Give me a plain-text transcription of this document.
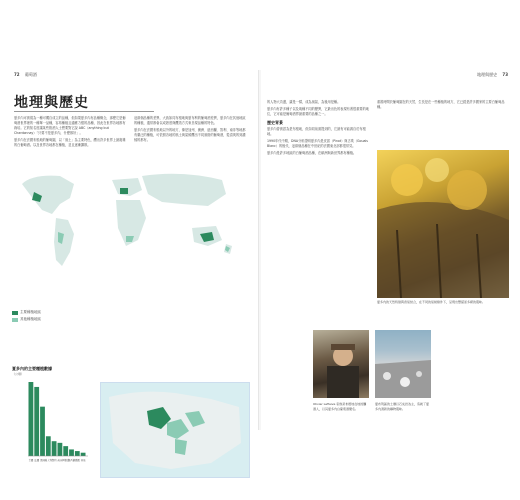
72 葡萄酒
地理與歷史

夏多內可被視為一種可獨自成立的品種，但如果夏多內有品種概念，那麼它是葡萄酒世界裡的一種單一品種，容易種植且適應力強的品種，因此在世界各地都有栽培。它的知名度讓某些飲酒人士想要對它說 ABC（anything but Chardonnay）「只要不是夏多內，什麼都好」。

夏多內在法國布根地的葡萄園，以「風土」為主要特色，釀出許多世界上最複雜的白葡萄酒。以及世界各地都在種植，並且逐漸擴散。

這兩個品種的差異，大致如同布根地與夏布利的葡萄酒差異，夏多內在其他地區的種植，通常都會以成熟度與釀造方式來呈現品種的特色。

夏多內在法國布根地以外的地方，像是加州、澳洲、紐西蘭、智利、南非等地都有廣泛的種植，可依照各地的風土與氣候釀出不同風格的葡萄酒，從清爽的到濃郁的都有。

主要種植地區
其他種植地區
夏多內的主要種植數據
（公頃）
美國 法國 澳洲 義大利 智利 南非 阿根廷
紐西蘭 德國 其他
地理與歷史 73

的人物大功盡，讓是一樣，成為風氣，為後用是種。

夏多內有許多種子以及幾種不同的變異，它最出色的表現有著很重要的地位，它可能是葡萄酒界最重要的品種之一。

歷史背景

夏多內曾被認為是布根地，但如同前面提到的，它最有可能源自於布根地。

1990年代中期，DNA分析證明夏多內是皮諾（Pinot）與古埃（Gouais Blanc）的後代，這兩個品種在中世紀的法國東北部都很常見。

夏多內是許多地區的白葡萄酒品種，在歐洲與新世界都有種植。

重視時間於葡萄園在的天然，生長是在一些種植的地方，它已經是許多國家的主要白葡萄品種。

夏多內的天然特徵與香氣結合，在不同的氣候條件下，呈現出豐富而多樣的風味。
Olivier Leflaive 家族是布根地在地的釀酒人，以其夏多內白葡萄酒聞名。
夏布利區的土壤以石灰岩為主，造就了夏多內清新的礦物風味。
